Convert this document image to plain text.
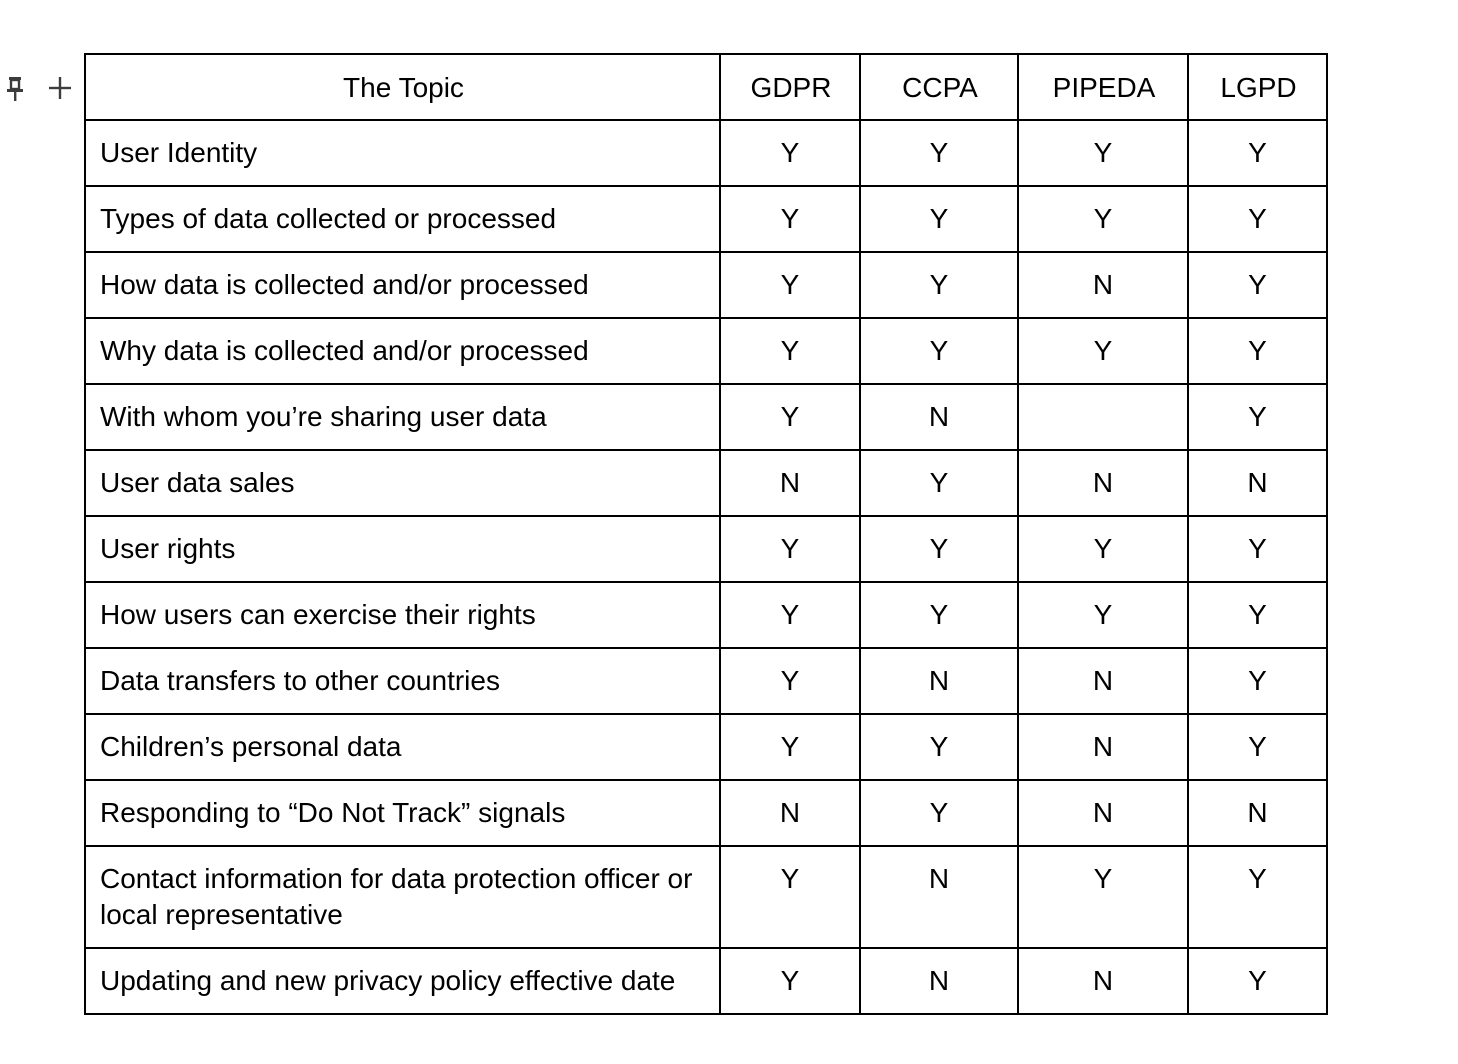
The Topic	GDPR	CCPA	PIPEDA	LGPD
User Identity	Y	Y	Y	Y
Types of data collected or processed	Y	Y	Y	Y
How data is collected and/or processed	Y	Y	N	Y
Why data is collected and/or processed	Y	Y	Y	Y
With whom you’re sharing user data	Y	N		Y
User data sales	N	Y	N	N
User rights	Y	Y	Y	Y
How users can exercise their rights	Y	Y	Y	Y
Data transfers to other countries	Y	N	N	Y
Children’s personal data	Y	Y	N	Y
Responding to “Do Not Track” signals	N	Y	N	N
Contact information for data protection officer or local representative	Y	N	Y	Y
Updating and new privacy policy effective date	Y	N	N	Y
